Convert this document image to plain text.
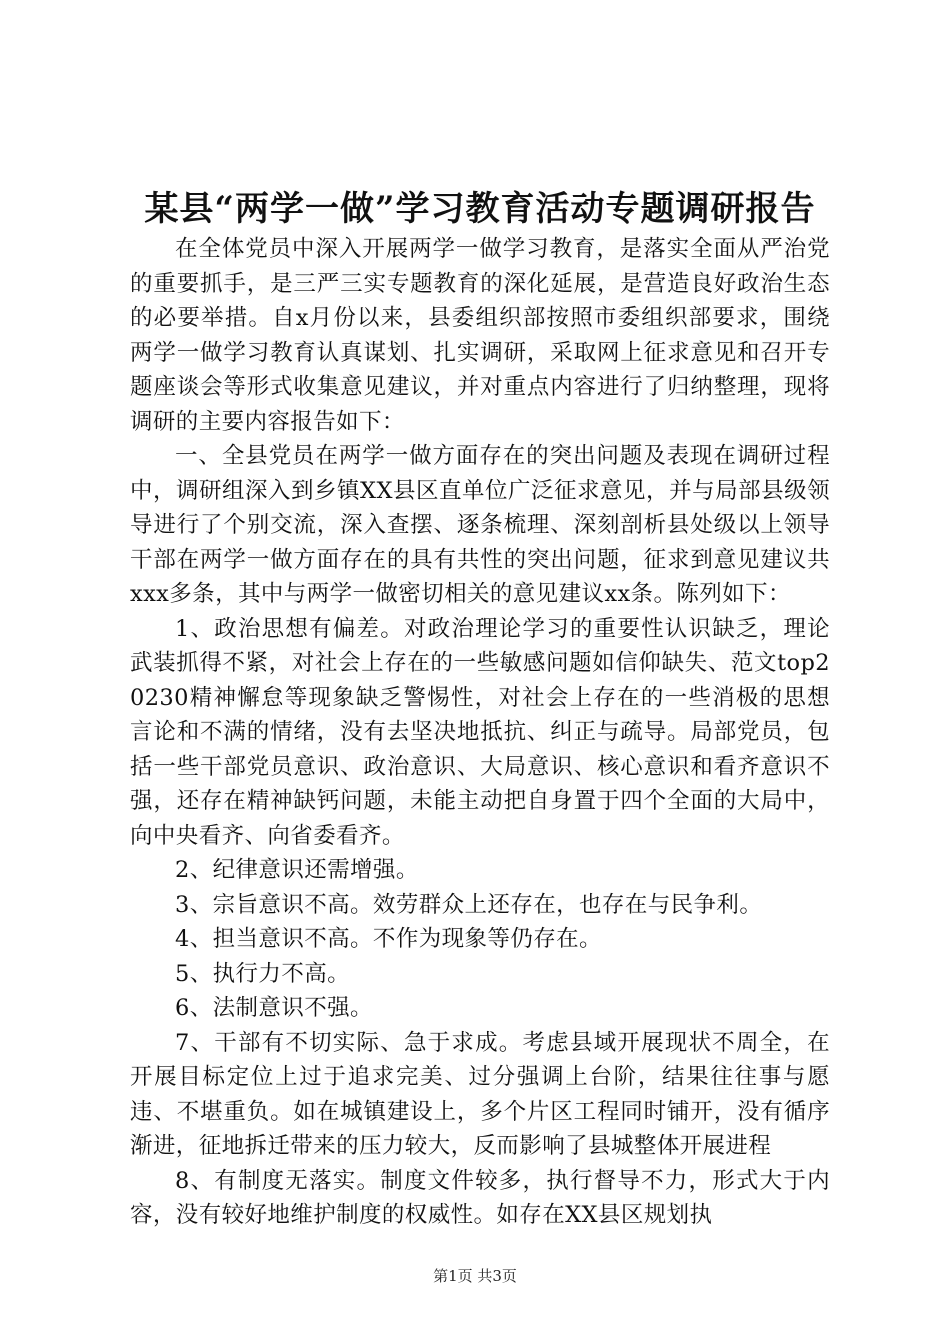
某县“两学一做”学习教育活动专题调研报告

在全体党员中深入开展两学一做学习教育，是落实全面从严治党的重要抓手，是三严三实专题教育的深化延展，是营造良好政治生态的必要举措。自x月份以来，县委组织部按照市委组织部要求，围绕两学一做学习教育认真谋划、扎实调研，采取网上征求意见和召开专题座谈会等形式收集意见建议，并对重点内容进行了归纳整理，现将调研的主要内容报告如下：

一、全县党员在两学一做方面存在的突出问题及表现在调研过程中，调研组深入到乡镇XX县区直单位广泛征求意见，并与局部县级领导进行了个别交流，深入查摆、逐条梳理、深刻剖析县处级以上领导干部在两学一做方面存在的具有共性的突出问题，征求到意见建议共xxx多条，其中与两学一做密切相关的意见建议xx条。陈列如下：

1、政治思想有偏差。对政治理论学习的重要性认识缺乏，理论武装抓得不紧，对社会上存在的一些敏感问题如信仰缺失、范文top20230精神懈怠等现象缺乏警惕性，对社会上存在的一些消极的思想言论和不满的情绪，没有去坚决地抵抗、纠正与疏导。局部党员，包括一些干部党员意识、政治意识、大局意识、核心意识和看齐意识不强，还存在精神缺钙问题，未能主动把自身置于四个全面的大局中，向中央看齐、向省委看齐。

2、纪律意识还需增强。

3、宗旨意识不高。效劳群众上还存在，也存在与民争利。

4、担当意识不高。不作为现象等仍存在。

5、执行力不高。

6、法制意识不强。

7、干部有不切实际、急于求成。考虑县域开展现状不周全，在开展目标定位上过于追求完美、过分强调上台阶，结果往往事与愿违、不堪重负。如在城镇建设上，多个片区工程同时铺开，没有循序渐进，征地拆迁带来的压力较大，反而影响了县城整体开展进程

8、有制度无落实。制度文件较多，执行督导不力，形式大于内容，没有较好地维护制度的权威性。如存在XX县区规划执

第1页 共3页
